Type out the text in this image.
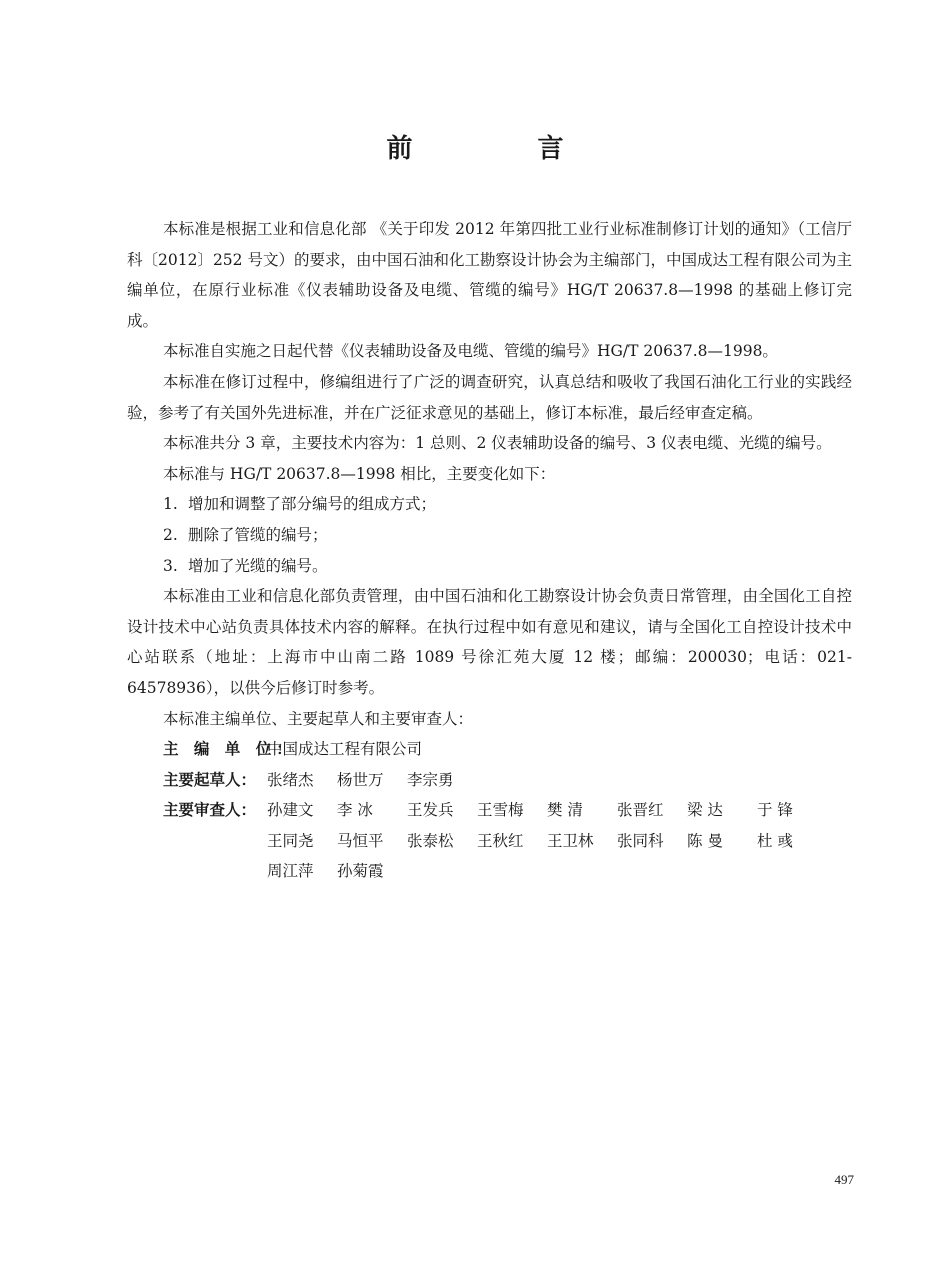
前 言

本标准是根据工业和信息化部 《关于印发 2012 年第四批工业行业标准制修订计划的通知》（工信厅科〔2012〕252 号文）的要求，由中国石油和化工勘察设计协会为主编部门，中国成达工程有限公司为主编单位，在原行业标准《仪表辅助设备及电缆、管缆的编号》HG/T 20637.8—1998 的基础上修订完成。

本标准自实施之日起代替《仪表辅助设备及电缆、管缆的编号》HG/T 20637.8—1998。

本标准在修订过程中，修编组进行了广泛的调查研究，认真总结和吸收了我国石油化工行业的实践经验，参考了有关国外先进标准，并在广泛征求意见的基础上，修订本标准，最后经审查定稿。

本标准共分 3 章，主要技术内容为：1 总则、2 仪表辅助设备的编号、3 仪表电缆、光缆的编号。

本标准与 HG/T 20637.8—1998 相比，主要变化如下：

1. 增加和调整了部分编号的组成方式；

2. 删除了管缆的编号；

3. 增加了光缆的编号。

本标准由工业和信息化部负责管理，由中国石油和化工勘察设计协会负责日常管理，由全国化工自控设计技术中心站负责具体技术内容的解释。在执行过程中如有意见和建议，请与全国化工自控设计技术中心站联系（地址：上海市中山南二路 1089 号徐汇苑大厦 12 楼；邮编：200030；电话：021-64578936），以供今后修订时参考。

本标准主编单位、主要起草人和主要审查人：

主 编 单 位：
中国成达工程有限公司
主要起草人： 张绪杰	杨世万	李宗勇
主要审查人： 孙建文	李 冰	王发兵	王雪梅	樊 清	张晋红	梁 达	于 锋
王同尧	马恒平	张泰松	王秋红	王卫林	张同科	陈 曼	杜 彧
周江萍	孙菊霞
497
